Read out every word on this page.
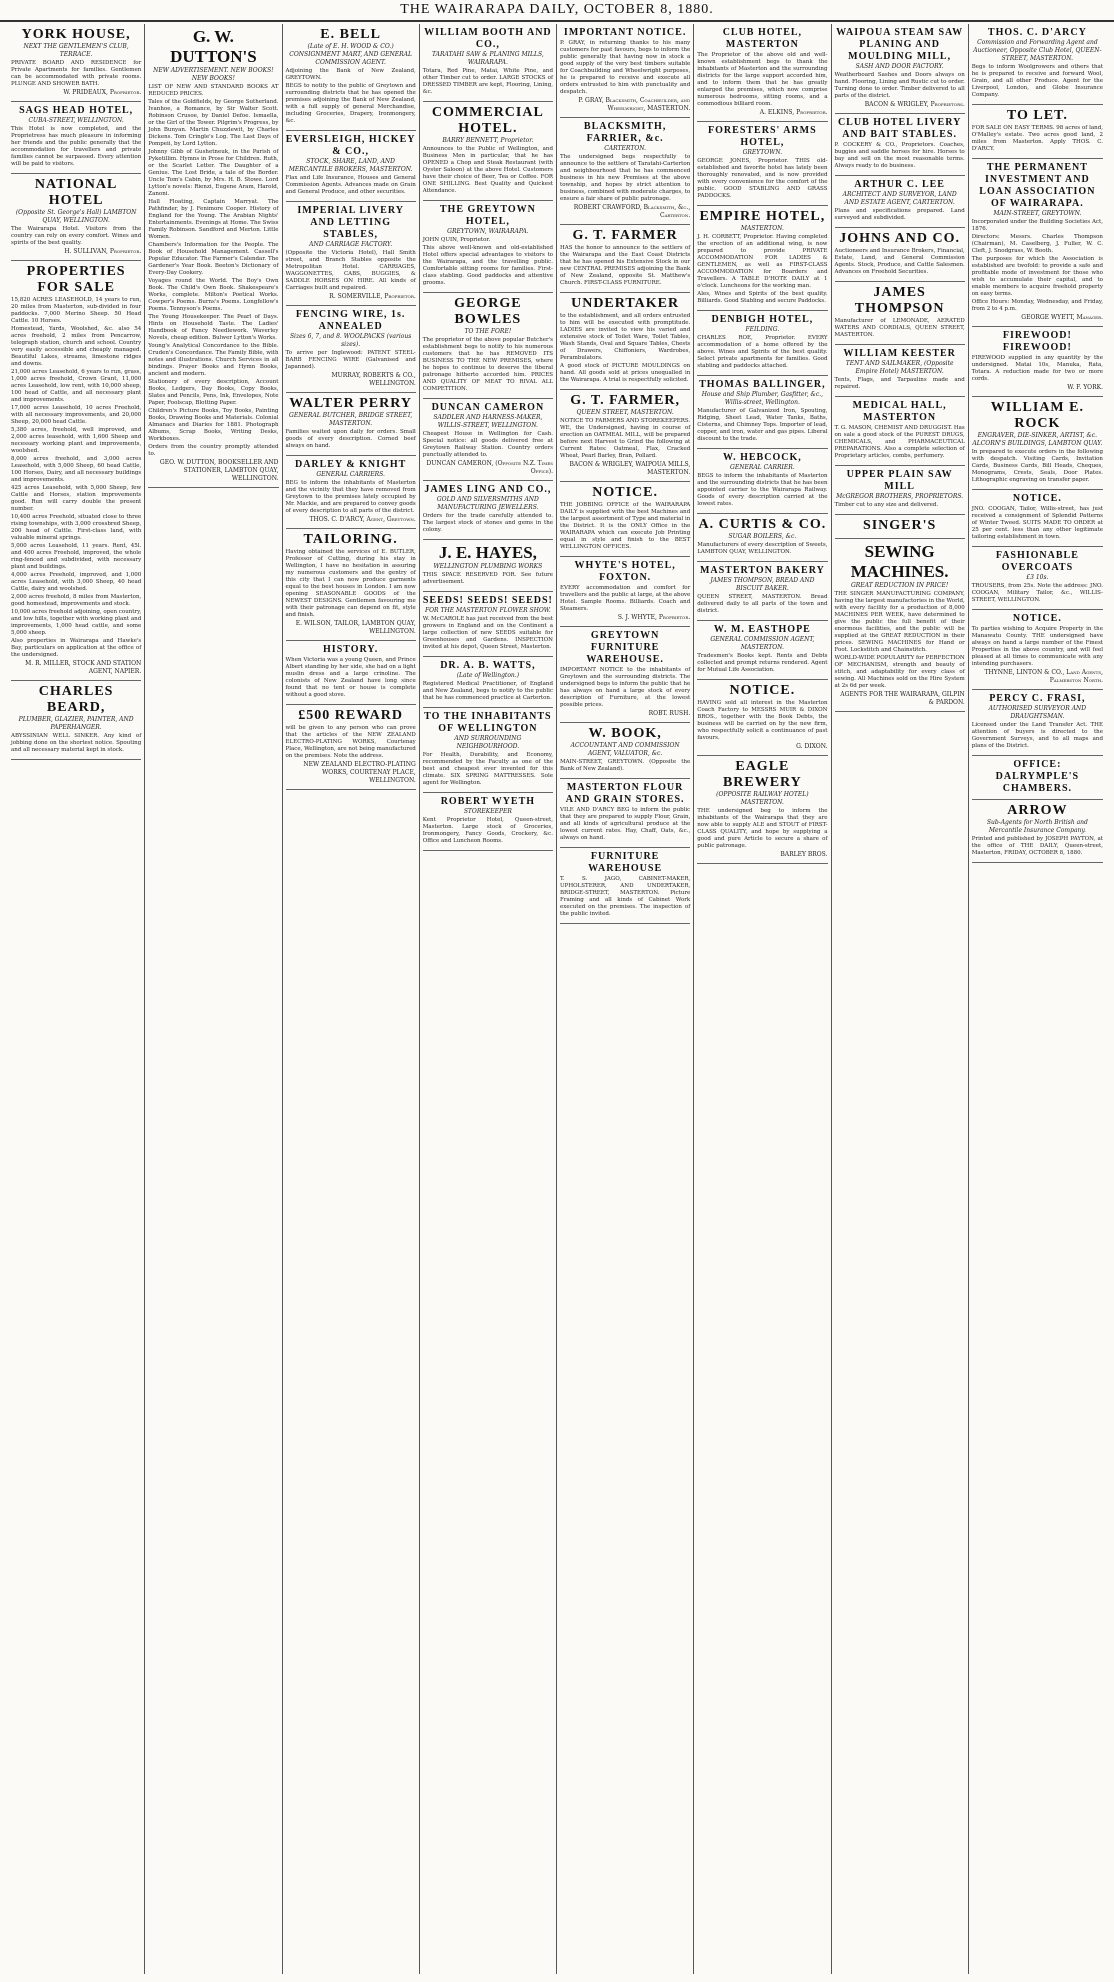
THE WAIRARAPA DAILY, OCTOBER 8, 1880.
YORK HOUSE,
NEXT THE GENTLEMEN'S CLUB, TERRACE.

PRIVATE BOARD AND RESIDENCE for Private Apartments for families. Gentlemen can be accommodated with private rooms. PLUNGE AND SHOWER BATH.

W. PRIDEAUX, Proprietor.
SAGS HEAD HOTEL,
CUBA-STREET, WELLINGTON.

This Hotel is now completed, and the Proprietress has much pleasure in informing her friends and the public generally that the accommodation for travellers and private families cannot be surpassed. Every attention will be paid to visitors.

NATIONAL HOTEL
(Opposite St. George's Hall) LAMBTON QUAY, WELLINGTON.

The Wairarapa Hotel. Visitors from the country can rely on every comfort. Wines and spirits of the best quality.

H. SULLIVAN, Proprietor.
PROPERTIES FOR SALE

15,820 ACRES LEASEHOLD, 14 years to run, 20 miles from Masterton, sub-divided in four paddocks. 7,000 Merino Sheep. 50 Head Cattle. 10 Horses.

Homestead, Yards, Woolshed, &c. also 54 acres freehold, 2 miles from Pencarrow, telegraph station, church and school. Country very easily accessible and cheaply managed. Beautiful Lakes, streams, limestone ridges and downs.

21,000 acres Leasehold, 6 years to run, grass, 1,000 acres freehold, Crown Grant, 11,000 acres Leasehold, low rent, with 10,000 sheep, 100 head of Cattle, and all necessary plant and improvements.

17,000 acres Leasehold, 10 acres Freehold, with all necessary improvements, and 20,000 Sheep, 20,000 head Cattle.

5,380 acres, freehold, well improved, and 2,000 acres leasehold, with 1,600 Sheep and necessary working plant and improvements, woolshed.

8,000 acres freehold, and 3,000 acres Leasehold, with 5,000 Sheep, 60 head Cattle, 100 Horses, Dairy, and all necessary buildings and improvements.

425 acres Leasehold, with 5,000 Sheep, few Cattle and Horses, station improvements good. Run will carry double the present number.

10,400 acres Freehold, situated close to three rising townships, with 3,000 crossbred Sheep, 200 head of Cattle. First-class land, with valuable mineral springs.

5,000 acres Leasehold, 11 years. Rent, 45l. and 400 acres Freehold, improved, the whole ring-fenced and subdivided, with necessary plant and buildings.

4,000 acres Freehold, improved, and 1,000 acres Leasehold, with 3,000 Sheep, 40 head Cattle, dairy and woolshed.

2,000 acres freehold, 8 miles from Masterton, good homestead, improvements and stock.

10,000 acres freehold adjoining, open country, and low hills, together with working plant and improvements, 1,000 head cattle, and some 5,000 sheep.

Also properties in Wairarapa and Hawke's Bay, particulars on application at the office of the undersigned.

M. R. MILLER, STOCK AND STATION AGENT, NAPIER.
CHARLES BEARD,
PLUMBER, GLAZIER, PAINTER, AND PAPERHANGER.

ABYSSINIAN WELL SINKER. Any kind of jobbing done on the shortest notice. Spouting and all necessary material kept in stock.

G. W. DUTTON'S
NEW ADVERTISEMENT. NEW BOOKS! NEW BOOKS!

LIST OF NEW AND STANDARD BOOKS AT REDUCED PRICES.

Tales of the Goldfields, by George Sutherland. Ivanhoe, a Romance, by Sir Walter Scott. Robinson Crusoe, by Daniel Defoe. Ismaella, or the Girl of the Tower. Pilgrim's Progress, by John Bunyan. Martin Chuzzlewit, by Charles Dickens. Tom Cringle's Log. The Last Days of Pompeii, by Lord Lytton.

Johnny Gibb of Gushetneuk, in the Parish of Pyketillim. Hymns in Prose for Children. Ruth, or the Scarlet Letter. The Daughter of a Genius. The Lost Bride, a tale of the Border. Uncle Tom's Cabin, by Mrs. H. B. Stowe. Lord Lytton's novels: Rienzi, Eugene Aram, Harold, Zanoni.

Hall Floating, Captain Marryat. The Pathfinder, by J. Fenimore Cooper. History of England for the Young. The Arabian Nights' Entertainments. Evenings at Home. The Swiss Family Robinson. Sandford and Merton. Little Women.

Chambers's Information for the People. The Book of Household Management. Cassell's Popular Educator. The Farmer's Calendar. The Gardener's Year Book. Beeton's Dictionary of Every-Day Cookery.

Voyages round the World. The Boy's Own Book. The Child's Own Book. Shakespeare's Works, complete. Milton's Poetical Works. Cowper's Poems. Burns's Poems. Longfellow's Poems. Tennyson's Poems.

The Young Housekeeper. The Pearl of Days. Hints on Household Taste. The Ladies' Handbook of Fancy Needlework. Waverley Novels, cheap edition. Bulwer Lytton's Works.

Young's Analytical Concordance to the Bible. Cruden's Concordance. The Family Bible, with notes and illustrations. Church Services in all bindings. Prayer Books and Hymn Books, ancient and modern.

Stationery of every description, Account Books, Ledgers, Day Books, Copy Books, Slates and Pencils, Pens, Ink, Envelopes, Note Paper, Foolscap, Blotting Paper.

Children's Picture Books, Toy Books, Painting Books, Drawing Books and Materials. Colonial Almanacs and Diaries for 1881. Photograph Albums, Scrap Books, Writing Desks, Workboxes.

Orders from the country promptly attended to.

GEO. W. DUTTON, BOOKSELLER AND STATIONER, LAMBTON QUAY, WELLINGTON.
E. BELL
(Late of E. H. WOOD & CO.) CONSIGNMENT MART, AND GENERAL COMMISSION AGENT.

Adjoining the Bank of New Zealand, GREYTOWN.

BEGS to notify to the public of Greytown and surrounding districts that he has opened the premises adjoining the Bank of New Zealand, with a full supply of general Merchandise, including Groceries, Drapery, Ironmongery, &c.

EVERSLEIGH, HICKEY & CO.,
STOCK, SHARE, LAND, AND MERCANTILE BROKERS, MASTERTON.

Flax and Life Insurance, Houses and General Commission Agents. Advances made on Grain and General Produce, and other securities.

IMPERIAL LIVERY AND LETTING STABLES,
AND CARRIAGE FACTORY.

(Opposite the Victoria Hotel), Hall Smith street, and Branch Stables opposite the Metropolitan Hotel. CARRIAGES, WAGGONETTES, CABS, BUGGIES, & SADDLE HORSES ON HIRE. All kinds of Carriages built and repaired.

R. SOMERVILLE, Proprietor.
FENCING WIRE, 1s. ANNEALED
Sizes 6, 7, and 8. WOOLPACKS (various sizes).

To arrive per Inglewood: PATENT STEEL-BARB FENCING WIRE (Galvanised and Japanned).

MURRAY, ROBERTS & CO., WELLINGTON.
WALTER PERRY
GENERAL BUTCHER, BRIDGE STREET, MASTERTON.

Families waited upon daily for orders. Small goods of every description. Corned beef always on hand.

DARLEY & KNIGHT
GENERAL CARRIERS.

BEG to inform the inhabitants of Masterton and the vicinity that they have removed from Greytown to the premises lately occupied by Mr. Mackie, and are prepared to convey goods of every description to all parts of the district.

THOS. C. D'ARCY, Agent, Greytown.
TAILORING.

Having obtained the services of E. BUTLER, Professor of Cutting, during his stay in Wellington, I have no hesitation in assuring my numerous customers and the gentry of this city that I can now produce garments equal to the best houses in London. I am now opening SEASONABLE GOODS of the NEWEST DESIGNS. Gentlemen favouring me with their patronage can depend on fit, style and finish.

E. WILSON, TAILOR, LAMBTON QUAY, WELLINGTON.
HISTORY.

When Victoria was a young Queen, and Prince Albert standing by her side, she had on a light muslin dress and a large crinoline. The colonists of New Zealand have long since found that no tent or house is complete without a good stove.

£500 REWARD

will be given to any person who can prove that the articles of the NEW ZEALAND ELECTRO-PLATING WORKS, Courtenay Place, Wellington, are not being manufactured on the premises. Note the address.

NEW ZEALAND ELECTRO-PLATING WORKS, COURTENAY PLACE, WELLINGTON.
WILLIAM BOOTH AND CO.,
TARATAHI SAW & PLANING MILLS, WAIRARAPA.

Totara, Red Pine, Matai, White Pine, and other Timber cut to order. LARGE STOCKS of DRESSED TIMBER are kept, Flooring, Lining, &c.

COMMERCIAL HOTEL.
BARRY BENNETT, Proprietor.

Announces to the Public of Wellington, and Business Men in particular, that he has OPENED a Chop and Steak Restaurant (with Oyster Saloon) at the above Hotel. Customers have their choice of Beer, Tea or Coffee. FOR ONE SHILLING. Best Quality and Quickest Attendance.

THE GREYTOWN HOTEL,
GREYTOWN, WAIRARAPA.

JOHN QUIN, Proprietor.

This above well-known and old-established Hotel offers special advantages to visitors to the Wairarapa, and the travelling public. Comfortable sitting rooms for families. First-class stabling. Good paddocks and attentive grooms.

GEORGE BOWLES
TO THE FORE!

The proprietor of the above popular Butcher's establishment begs to notify to his numerous customers that he has REMOVED ITS BUSINESS TO THE NEW PREMISES, where he hopes to continue to deserve the liberal patronage hitherto accorded him. PRICES AND QUALITY OF MEAT TO RIVAL ALL COMPETITION.

DUNCAN CAMERON
SADDLER AND HARNESS-MAKER, WILLIS-STREET, WELLINGTON.

Cheapest House in Wellington for Cash. Special notice: all goods delivered free at Greytown Railway Station. Country orders punctually attended to.

DUNCAN CAMERON, (Opposite N.Z. Times Office).
JAMES LING AND CO.,
GOLD AND SILVERSMITHS AND MANUFACTURING JEWELLERS.

Orders for the trade carefully attended to. The largest stock of stones and gems in the colony.

J. E. HAYES,
WELLINGTON PLUMBING WORKS

THIS SPACE RESERVED FOR. See future advertisement.

SEEDS! SEEDS! SEEDS!
FOR THE MASTERTON FLOWER SHOW.

W. McCAROLE has just received from the best growers in England and on the Continent a large collection of new SEEDS suitable for Greenhouses and Gardens. INSPECTION invited at his depot, Queen Street, Masterton.

DR. A. B. WATTS,
(Late of Wellington.)

Registered Medical Practitioner, of England and New Zealand, begs to notify to the public that he has commenced practice at Carterton.

TO THE INHABITANTS OF WELLINGTON
AND SURROUNDING NEIGHBOURHOOD.

For Health, Durability, and Economy, recommended by the Faculty as one of the best and cheapest ever invented for this climate. SIX SPRING MATTRESSES. Sole agent for Wellington.

ROBERT WYETH
STOREKEEPER

Kent Proprietor Hotel, Queen-street, Masterton. Large stock of Groceries, Ironmongery, Fancy Goods, Crockery, &c. Office and Luncheon Rooms.

IMPORTANT NOTICE.

P. GRAY, in returning thanks to his many customers for past favours, begs to inform the public generally that having now in stock a good supply of the very best timbers suitable for Coachbuilding and Wheelwright purposes, he is prepared to receive and execute all orders entrusted to him with punctuality and despatch.

P. GRAY, Blacksmith, Coachbuilder, and Wheelwright, MASTERTON.
BLACKSMITH, FARRIER, &c.
CARTERTON.

The undersigned begs respectfully to announce to the settlers of Taratahi-Carterton and neighbourhood that he has commenced business in his new Premises at the above township, and hopes by strict attention to business, combined with moderate charges, to ensure a fair share of public patronage.

ROBERT CRAWFORD, Blacksmith, &c., Carterton.
G. T. FARMER

HAS the honor to announce to the settlers of the Wairarapa and the East Coast Districts that he has opened his Extensive Stock in our new CENTRAL PREMISES adjoining the Bank of New Zealand, opposite St. Matthew's Church. FIRST-CLASS FURNITURE.

UNDERTAKER

to the establishment, and all orders entrusted to him will be executed with promptitude. LADIES are invited to view his varied and extensive stock of Toilet Ware, Toilet Tables, Wash Stands, Oval and Square Tables, Chests of Drawers, Chiffoniers, Wardrobes, Perambulators.

A good stock of PICTURE MOULDINGS on hand. All goods sold at prices unequalled in the Wairarapa. A trial is respectfully solicited.

G. T. FARMER,
QUEEN STREET, MASTERTON.

NOTICE TO FARMERS AND STOREKEEPERS. WE, the Undersigned, having in course of erection an OATMEAL MILL, will be prepared before next Harvest to Grind the following at Current Rates: Oatmeal, Flax, Cracked Wheat, Pearl Barley, Bran, Pollard.

BACON & WRIGLEY, WAIPOUA MILLS, MASTERTON.
NOTICE.

THE JOBBING OFFICE of the WAIRARAPA DAILY is supplied with the best Machines and the largest assortment of Type and material in the District. It is the ONLY Office in the WAIRARAPA which can execute Job Printing equal in style and finish to the BEST WELLINGTON OFFICES.

WHYTE'S HOTEL, FOXTON.

EVERY accommodation and comfort for travellers and the public at large, at the above Hotel. Sample Rooms. Billiards. Coach and Steamers.

S. J. WHYTE, Proprietor.
GREYTOWN FURNITURE WAREHOUSE.

IMPORTANT NOTICE to the inhabitants of Greytown and the surrounding districts. The undersigned begs to inform the public that he has always on hand a large stock of every description of Furniture, at the lowest possible prices.

ROBT. RUSH.
W. BOOK,
ACCOUNTANT AND COMMISSION AGENT, VALUATOR, &c.

MAIN-STREET, GREYTOWN. (Opposite the Bank of New Zealand).

MASTERTON FLOUR AND GRAIN STORES.

VILE AND D'ARCY BEG to inform the public that they are prepared to supply Flour, Grain, and all kinds of agricultural produce at the lowest current rates. Hay, Chaff, Oats, &c., always on hand.

FURNITURE WAREHOUSE

T. S. JAGO, CABINET-MAKER, UPHOLSTERER, AND UNDERTAKER, BRIDGE-STREET, MASTERTON. Picture Framing and all kinds of Cabinet Work executed on the premises. The inspection of the public invited.

CLUB HOTEL, MASTERTON

The Proprietor of the above old and well-known establishment begs to thank the inhabitants of Masterton and the surrounding districts for the large support accorded him, and to inform them that he has greatly enlarged the premises, which now comprise numerous bedrooms, sitting rooms, and a commodious billiard room.

A. ELKINS, Proprietor.
FORESTERS' ARMS HOTEL,
GREYTOWN.

GEORGE JONES, Proprietor. THIS old-established and favorite hotel has lately been thoroughly renovated, and is now provided with every convenience for the comfort of the public. GOOD STABLING AND GRASS PADDOCKS.

EMPIRE HOTEL,
MASTERTON.

J. H. CORBETT, Proprietor. Having completed the erection of an additional wing, is now prepared to provide PRIVATE ACCOMMODATION FOR LADIES & GENTLEMEN, as well as FIRST-CLASS ACCOMMODATION for Boarders and Travellers. A TABLE D'HOTE DAILY at 1 o'clock. Luncheons for the working man.

Ales, Wines and Spirits of the best quality. Billiards. Good Stabling and secure Paddocks.

DENBIGH HOTEL,
FEILDING.

CHARLES ROE, Proprietor. EVERY accommodation of a home offered by the above. Wines and Spirits of the best quality. Select private apartments for families. Good stabling and paddocks attached.

THOMAS BALLINGER,
House and Ship Plumber, Gasfitter, &c., Willis-street, Wellington.

Manufacturer of Galvanized Iron, Spouting, Ridging, Sheet Lead, Water Tanks, Baths, Cisterns, and Chimney Tops. Importer of lead, copper, and iron, water and gas pipes. Liberal discount to the trade.

W. HEBCOCK,
GENERAL CARRIER.

BEGS to inform the inhabitants of Masterton and the surrounding districts that he has been appointed carrier to the Wairarapa Railway. Goods of every description carried at the lowest rates.

A. CURTIS & CO.
SUGAR BOILERS, &c.

Manufacturers of every description of Sweets, LAMBTON QUAY, WELLINGTON.

MASTERTON BAKERY
JAMES THOMPSON, BREAD AND BISCUIT BAKER.

QUEEN STREET, MASTERTON. Bread delivered daily to all parts of the town and district.

W. M. EASTHOPE
GENERAL COMMISSION AGENT, MASTERTON.

Tradesmen's Books kept. Rents and Debts collected and prompt returns rendered. Agent for Mutual Life Association.

NOTICE.

HAVING sold all interest in the Masterton Coach Factory to MESSRS MUIR & DIXON BROS., together with the Book Debts, the business will be carried on by the new firm, who respectfully solicit a continuance of past favours.

G. DIXON.
EAGLE BREWERY
(OPPOSITE RAILWAY HOTEL) MASTERTON.

THE undersigned beg to inform the inhabitants of the Wairarapa that they are now able to supply ALE and STOUT of FIRST-CLASS QUALITY, and hope by supplying a good and pure Article to secure a share of public patronage.

BARLEY BROS.
WAIPOUA STEAM SAW PLANING AND MOULDING MILL,
SASH AND DOOR FACTORY.

Weatherboard Sashes and Doors always on hand. Flooring, Lining and Rustic cut to order. Turning done to order. Timber delivered to all parts of the district.

BACON & WRIGLEY, Proprietors.
CLUB HOTEL LIVERY AND BAIT STABLES.

P. COCKERY & CO., Proprietors. Coaches, buggies and saddle horses for hire. Horses to bay and sell on the most reasonable terms. Always ready to do business.

ARTHUR C. LEE
ARCHITECT AND SURVEYOR, LAND AND ESTATE AGENT, CARTERTON.

Plans and specifications prepared. Land surveyed and subdivided.

JOHNS AND CO.

Auctioneers and Insurance Brokers, Financial, Estate, Land, and General Commission Agents. Stock, Produce, and Cattle Salesmen. Advances on Freehold Securities.

JAMES THOMPSON

Manufacturer of LEMONADE, AERATED WATERS AND CORDIALS, QUEEN STREET, MASTERTON.

WILLIAM KEESTER
TENT AND SAILMAKER, (Opposite Empire Hotel) MASTERTON.

Tents, Flags, and Tarpaulins made and repaired.

MEDICAL HALL, MASTERTON

T. G. MASON, CHEMIST AND DRUGGIST. Has on sale a good stock of the PUREST DRUGS, CHEMICALS, and PHARMACEUTICAL PREPARATIONS. Also a complete selection of Proprietary articles, combs, perfumery.

UPPER PLAIN SAW MILL
McGREGOR BROTHERS, PROPRIETORS.

Timber cut to any size and delivered.

SINGER'S
SEWING MACHINES.
GREAT REDUCTION IN PRICE!

THE SINGER MANUFACTURING COMPANY, having the largest manufactories in the World, with every facility for a production of 8,000 MACHINES PER WEEK, have determined to give the public the full benefit of their enormous facilities, and the public will be supplied at the GREAT REDUCTION in their prices. SEWING MACHINES for Hand or Foot. Lockstitch and Chainstitch.

WORLD-WIDE POPULARITY for PERFECTION OF MECHANISM, strength and beauty of stitch, and adaptability for every class of sewing. All Machines sold on the Hire System at 2s 6d per week.

AGENTS FOR THE WAIRARAPA, GILPIN & PARDON.
THOS. C. D'ARCY
Commission and Forwarding Agent and Auctioneer, Opposite Club Hotel, QUEEN-STREET, MASTERTON.

Begs to inform Woolgrowers and others that he is prepared to receive and forward Wool, Grain, and all other Produce. Agent for the Liverpool, London, and Globe Insurance Company.

TO LET.

FOR SALE ON EASY TERMS. 98 acres of land, O'Malley's estate. Two acres good land, 2 miles from Masterton. Apply THOS. C. D'ARCY.

THE PERMANENT INVESTMENT AND LOAN ASSOCIATION OF WAIRARAPA.
MAIN-STREET, GREYTOWN.

Incorporated under the Building Societies Act, 1876.

Directors: Messrs. Charles Thompson (Chairman), M. Caselberg, J. Fuller, W. C. Cleft, J. Snodgrass, W. Booth.

The purposes for which the Association is established are twofold: to provide a safe and profitable mode of investment for those who wish to accumulate their capital, and to enable members to acquire freehold property on easy terms.

Office Hours: Monday, Wednesday, and Friday, from 2 to 4 p.m.

GEORGE WYETT, Manager.
FIREWOOD! FIREWOOD!

FIREWOOD supplied in any quantity by the undersigned. Matai 10s, Manuka, Rata, Totara. A reduction made for two or more cords.

W. F. YORK.
WILLIAM E. ROCK
ENGRAVER, DIE-SINKER, ARTIST, &c. ALCORN'S BUILDINGS, LAMBTON QUAY.

In prepared to execute orders in the following with despatch. Visiting Cards, Invitation Cards, Business Cards, Bill Heads, Cheques, Monograms, Crests, Seals, Door Plates. Lithographic engraving on transfer paper.

NOTICE.

JNO. COOGAN, Tailor, Willis-street, has just received a consignment of Splendid Patterns of Winter Tweed. SUITS MADE TO ORDER at 25 per cent. less than any other legitimate tailoring establishment in town.

FASHIONABLE OVERCOATS
£3 10s.

TROUSERS, from 25s. Note the address: JNO. COOGAN, Military Tailor, &c., WILLIS-STREET, WELLINGTON.

NOTICE.

To parties wishing to Acquire Property in the Manawatu County. THE undersigned have always on hand a large number of the Finest Properties in the above country, and will feel pleased at all times to communicate with any intending purchasers.

THYNNE, LINTON & CO., Land Agents, Palmerston North.
PERCY C. FRASI,
AUTHORISED SURVEYOR AND DRAUGHTSMAN.

Licensed under the Land Transfer Act. THE attention of buyers is directed to the Government Surveys, and to all maps and plans of the District.

OFFICE: DALRYMPLE'S CHAMBERS.
ARROW
Sub-Agents for North British and Mercantile Insurance Company.

Printed and published by JOSEPH PAYTON, at the office of THE DAILY, Queen-street, Masterton, FRIDAY, OCTOBER 8, 1880.
